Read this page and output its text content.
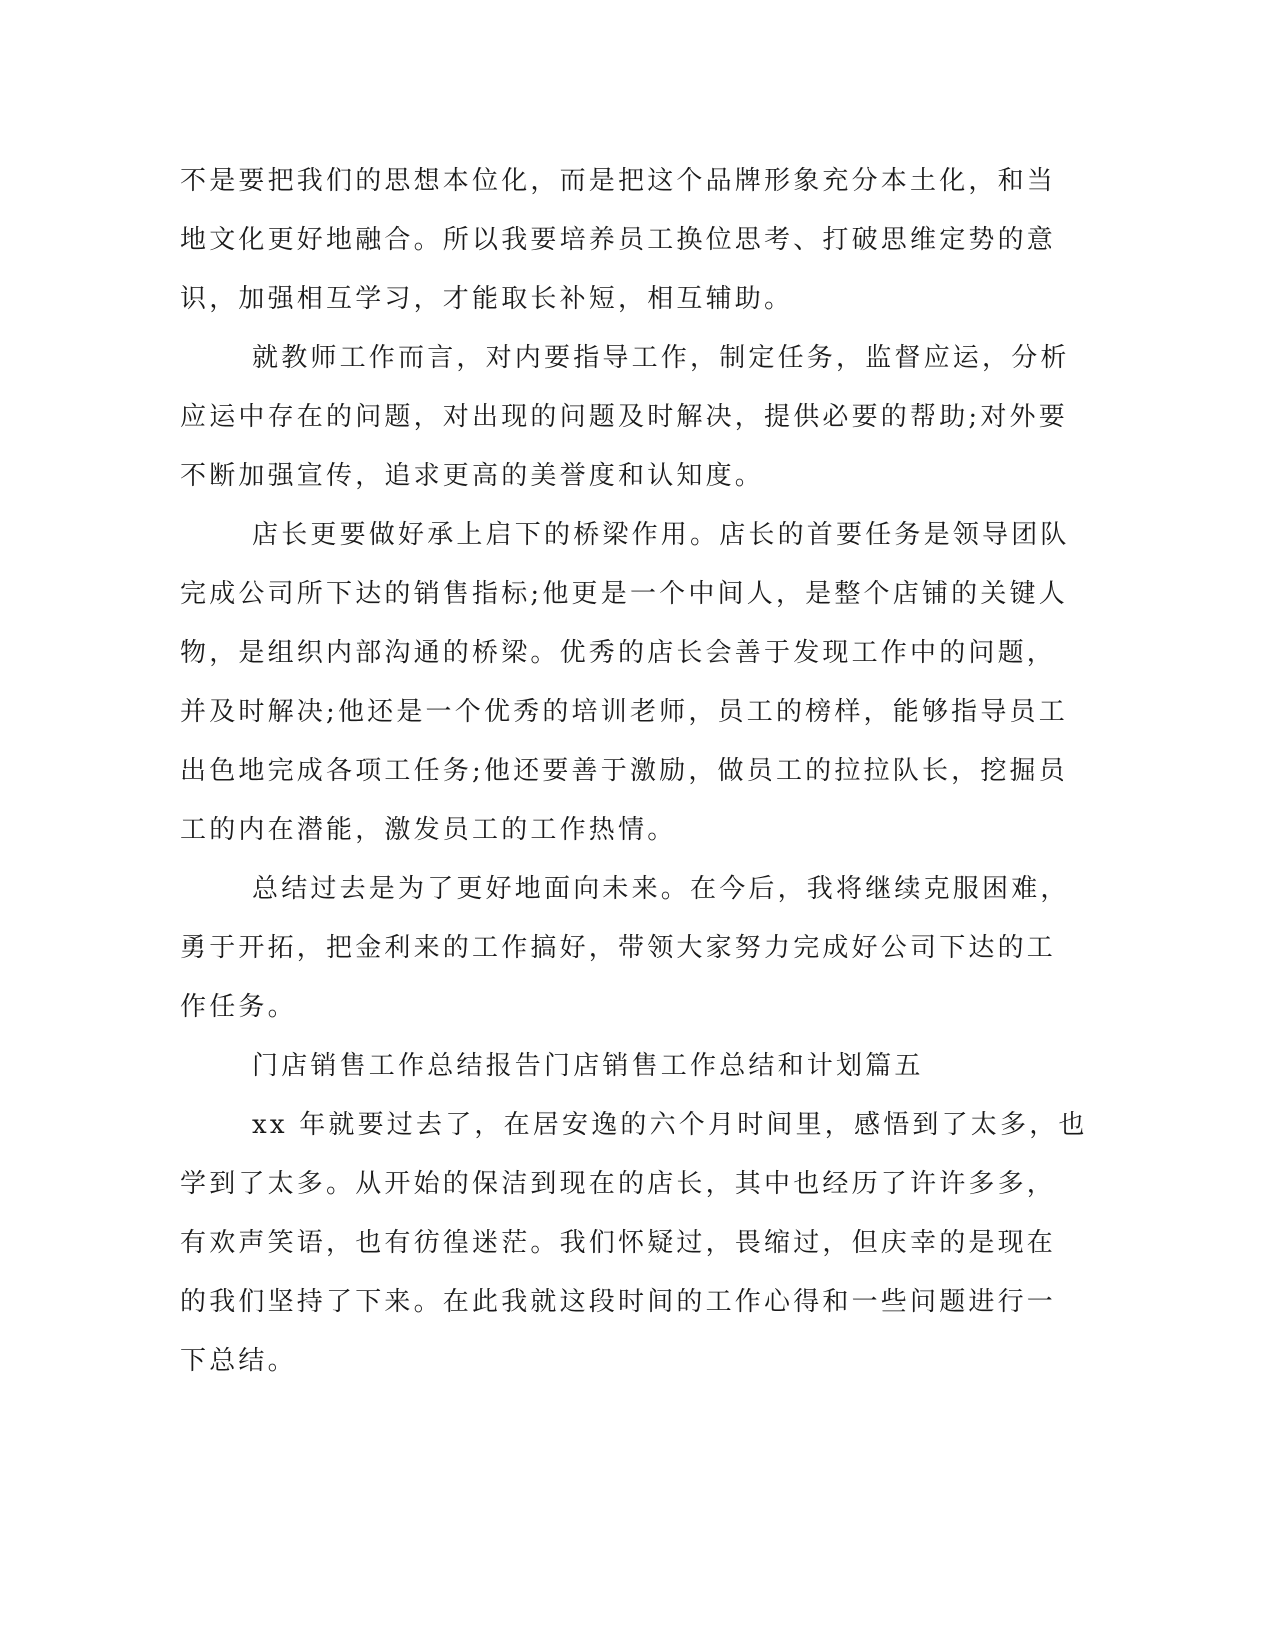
不是要把我们的思想本位化，而是把这个品牌形象充分本土化，和当
地文化更好地融合。所以我要培养员工换位思考、打破思维定势的意
识，加强相互学习，才能取长补短，相互辅助。
就教师工作而言，对内要指导工作，制定任务，监督应运，分析
应运中存在的问题，对出现的问题及时解决，提供必要的帮助;对外要
不断加强宣传，追求更高的美誉度和认知度。
店长更要做好承上启下的桥梁作用。店长的首要任务是领导团队
完成公司所下达的销售指标;他更是一个中间人，是整个店铺的关键人
物，是组织内部沟通的桥梁。优秀的店长会善于发现工作中的问题，
并及时解决;他还是一个优秀的培训老师，员工的榜样，能够指导员工
出色地完成各项工任务;他还要善于激励，做员工的拉拉队长，挖掘员
工的内在潜能，激发员工的工作热情。
总结过去是为了更好地面向未来。在今后，我将继续克服困难，
勇于开拓，把金利来的工作搞好，带领大家努力完成好公司下达的工
作任务。
门店销售工作总结报告门店销售工作总结和计划篇五
xx 年就要过去了，在居安逸的六个月时间里，感悟到了太多，也
学到了太多。从开始的保洁到现在的店长，其中也经历了许许多多，
有欢声笑语，也有彷徨迷茫。我们怀疑过，畏缩过，但庆幸的是现在
的我们坚持了下来。在此我就这段时间的工作心得和一些问题进行一
下总结。
